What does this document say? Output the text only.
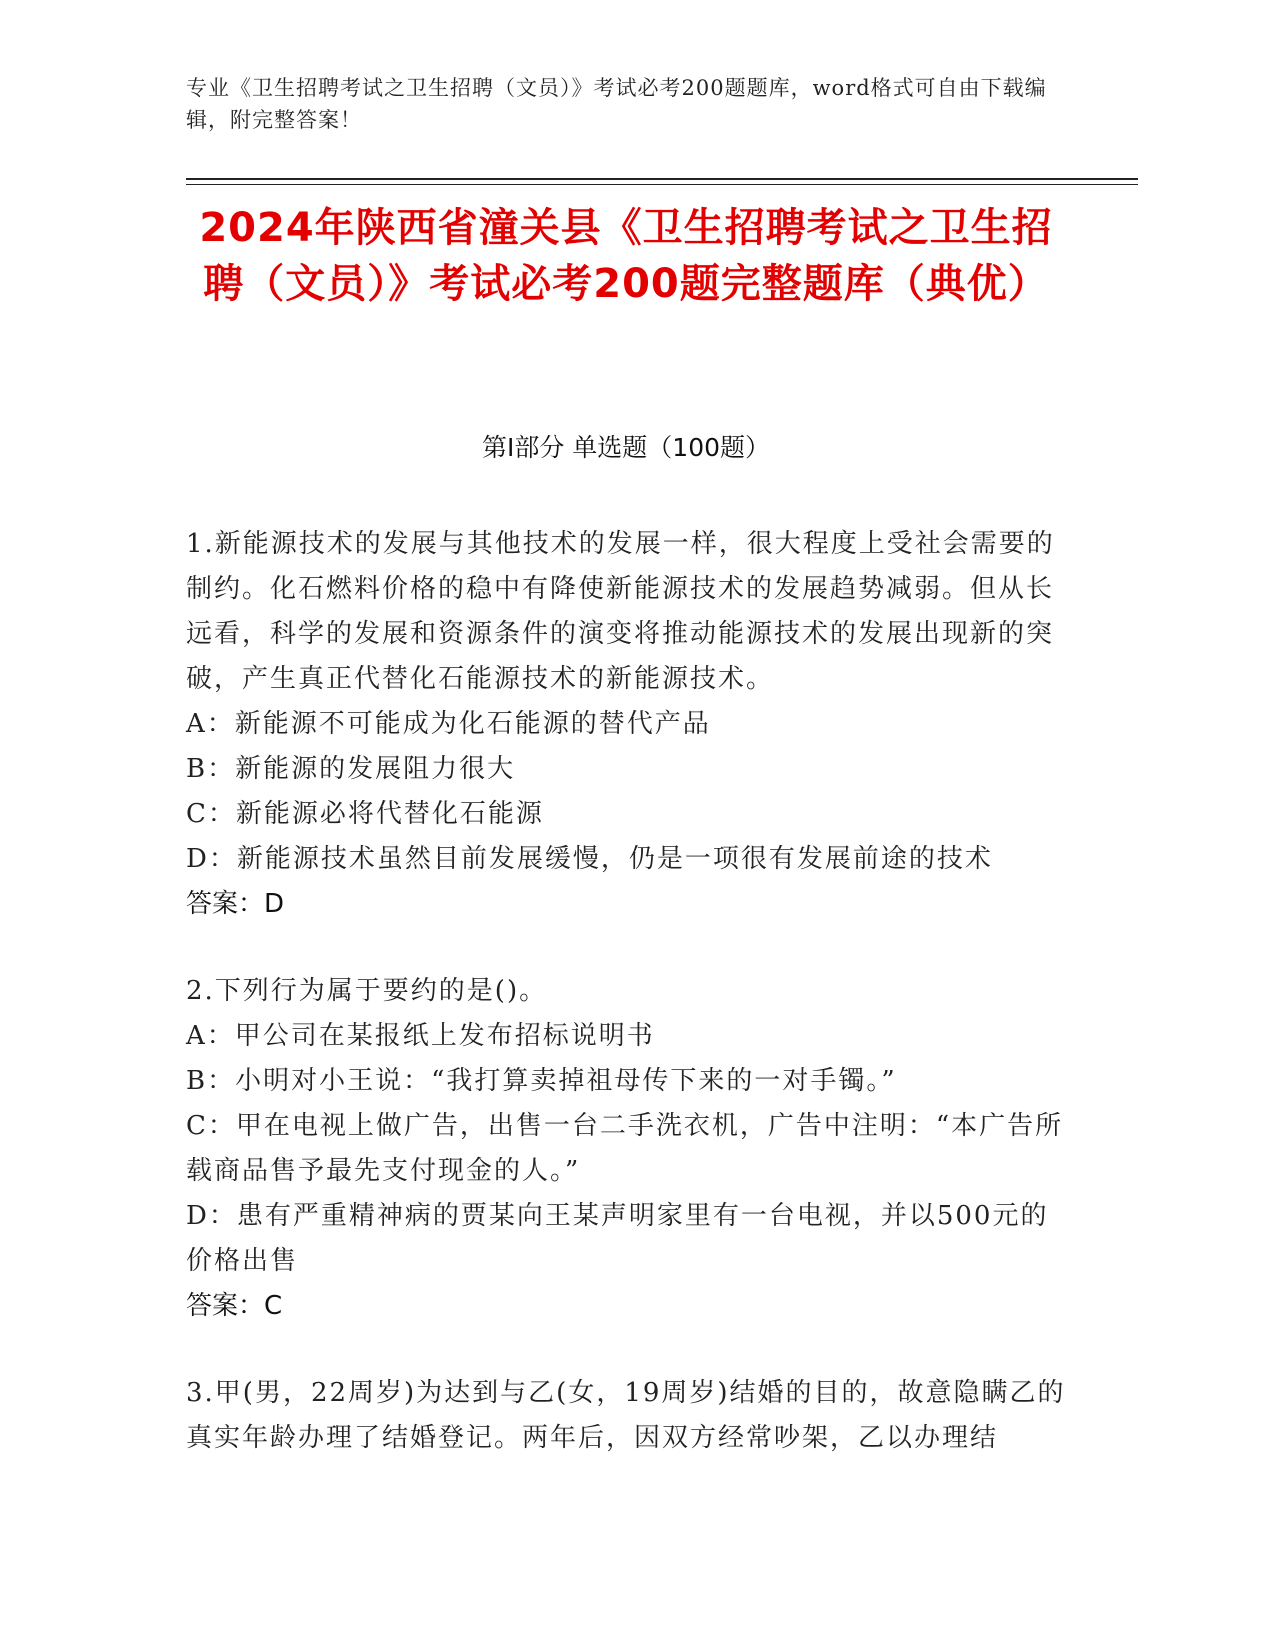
专业《卫生招聘考试之卫生招聘（文员）》考试必考200题题库，word格式可自由下载编辑，附完整答案！
2024年陕西省潼关县《卫生招聘考试之卫生招聘（文员）》考试必考200题完整题库（典优）
第Ⅰ部分 单选题（100题）
1.新能源技术的发展与其他技术的发展一样，很大程度上受社会需要的制约。化石燃料价格的稳中有降使新能源技术的发展趋势减弱。但从长远看，科学的发展和资源条件的演变将推动能源技术的发展出现新的突破，产生真正代替化石能源技术的新能源技术。
A：新能源不可能成为化石能源的替代产品
B：新能源的发展阻力很大
C：新能源必将代替化石能源
D：新能源技术虽然目前发展缓慢，仍是一项很有发展前途的技术
答案：D
2.下列行为属于要约的是()。
A：甲公司在某报纸上发布招标说明书
B：小明对小王说：“我打算卖掉祖母传下来的一对手镯。”
C：甲在电视上做广告，出售一台二手洗衣机，广告中注明：“本广告所载商品售予最先支付现金的人。”
D：患有严重精神病的贾某向王某声明家里有一台电视，并以500元的价格出售
答案：C
3.甲(男，22周岁)为达到与乙(女，19周岁)结婚的目的，故意隐瞒乙的真实年龄办理了结婚登记。两年后，因双方经常吵架，乙以办理结
